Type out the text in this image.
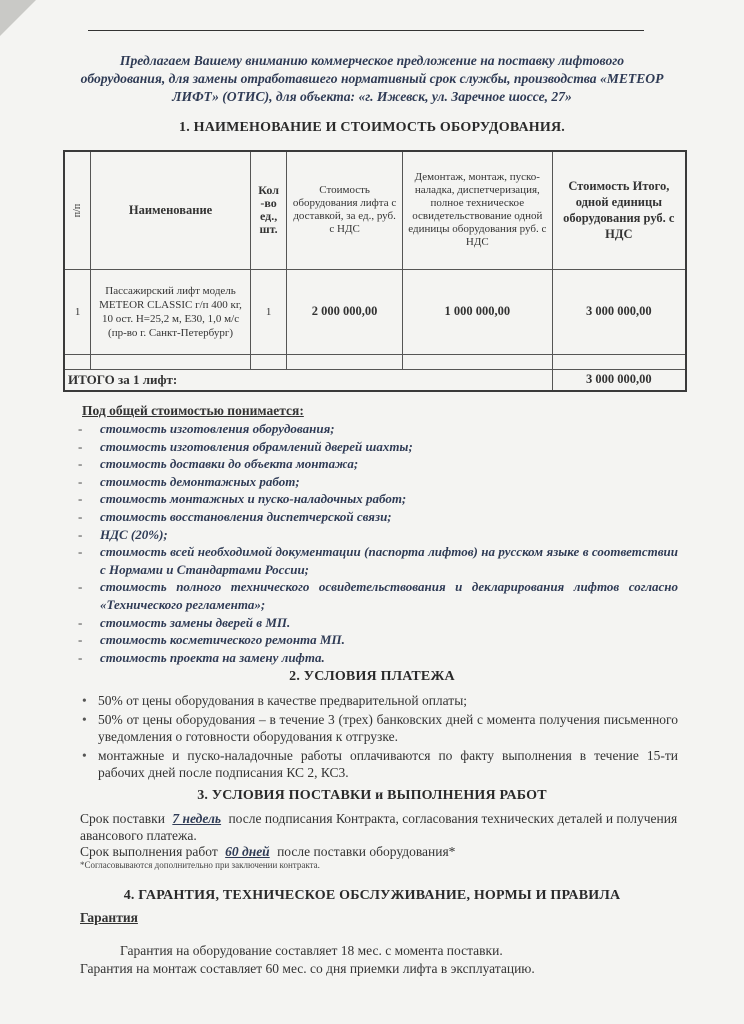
Предлагаем Вашему вниманию коммерческое предложение на поставку лифтового оборудования, для замены отработавшего нормативный срок службы, производства «МЕТЕОР ЛИФТ» (ОТИС), для объекта: «г. Ижевск, ул. Заречное шоссе, 27»
1. НАИМЕНОВАНИЕ И СТОИМОСТЬ ОБОРУДОВАНИЯ.
п/п	Наименование	Кол -во ед., шт.	Стоимость оборудования лифта с доставкой, за ед., руб. с НДС	Демонтаж, монтаж, пуско-наладка, диспетчеризация, полное техническое освидетельствование одной единицы оборудования руб. с НДС	Стоимость Итого, одной единицы оборудования руб. с НДС
1	Пассажирский лифт модель METEOR CLASSIC г/п 400 кг, 10 ост. Н=25,2 м, Е30, 1,0 м/с (пр-во г. Санкт-Петербург)	1	2 000 000,00	1 000 000,00	3 000 000,00

ИТОГО за 1 лифт:					3 000 000,00
Под общей стоимостью понимается:
- стоимость изготовления оборудования;
- стоимость изготовления обрамлений дверей шахты;
- стоимость доставки до объекта монтажа;
- стоимость демонтажных работ;
- стоимость монтажных и пуско-наладочных работ;
- стоимость восстановления диспетчерской связи;
- НДС (20%);
- стоимость всей необходимой документации (паспорта лифтов) на русском языке в соответствии с Нормами и Стандартами России;
- стоимость полного технического освидетельствования и декларирования лифтов согласно «Технического регламента»;
- стоимость замены дверей в МП.
- стоимость косметического ремонта МП.
- стоимость проекта на замену лифта.
2. УСЛОВИЯ ПЛАТЕЖА
• 50% от цены оборудования в качестве предварительной оплаты;
• 50% от цены оборудования – в течение 3 (трех) банковских дней с момента получения письменного уведомления о готовности оборудования к отгрузке.
• монтажные и пуско-наладочные работы оплачиваются по факту выполнения в течение 15-ти рабочих дней после подписания КС 2, КС3.
3. УСЛОВИЯ ПОСТАВКИ и ВЫПОЛНЕНИЯ РАБОТ
Срок поставки 7 недель после подписания Контракта, согласования технических деталей и получения авансового платежа.
Срок выполнения работ 60 дней после поставки оборудования*
*Согласовываются дополнительно при заключении контракта.
4. ГАРАНТИЯ, ТЕХНИЧЕСКОЕ ОБСЛУЖИВАНИЕ, НОРМЫ И ПРАВИЛА
Гарантия
Гарантия на оборудование составляет 18 мес. с момента поставки.
Гарантия на монтаж составляет 60 мес. со дня приемки лифта в эксплуатацию.
